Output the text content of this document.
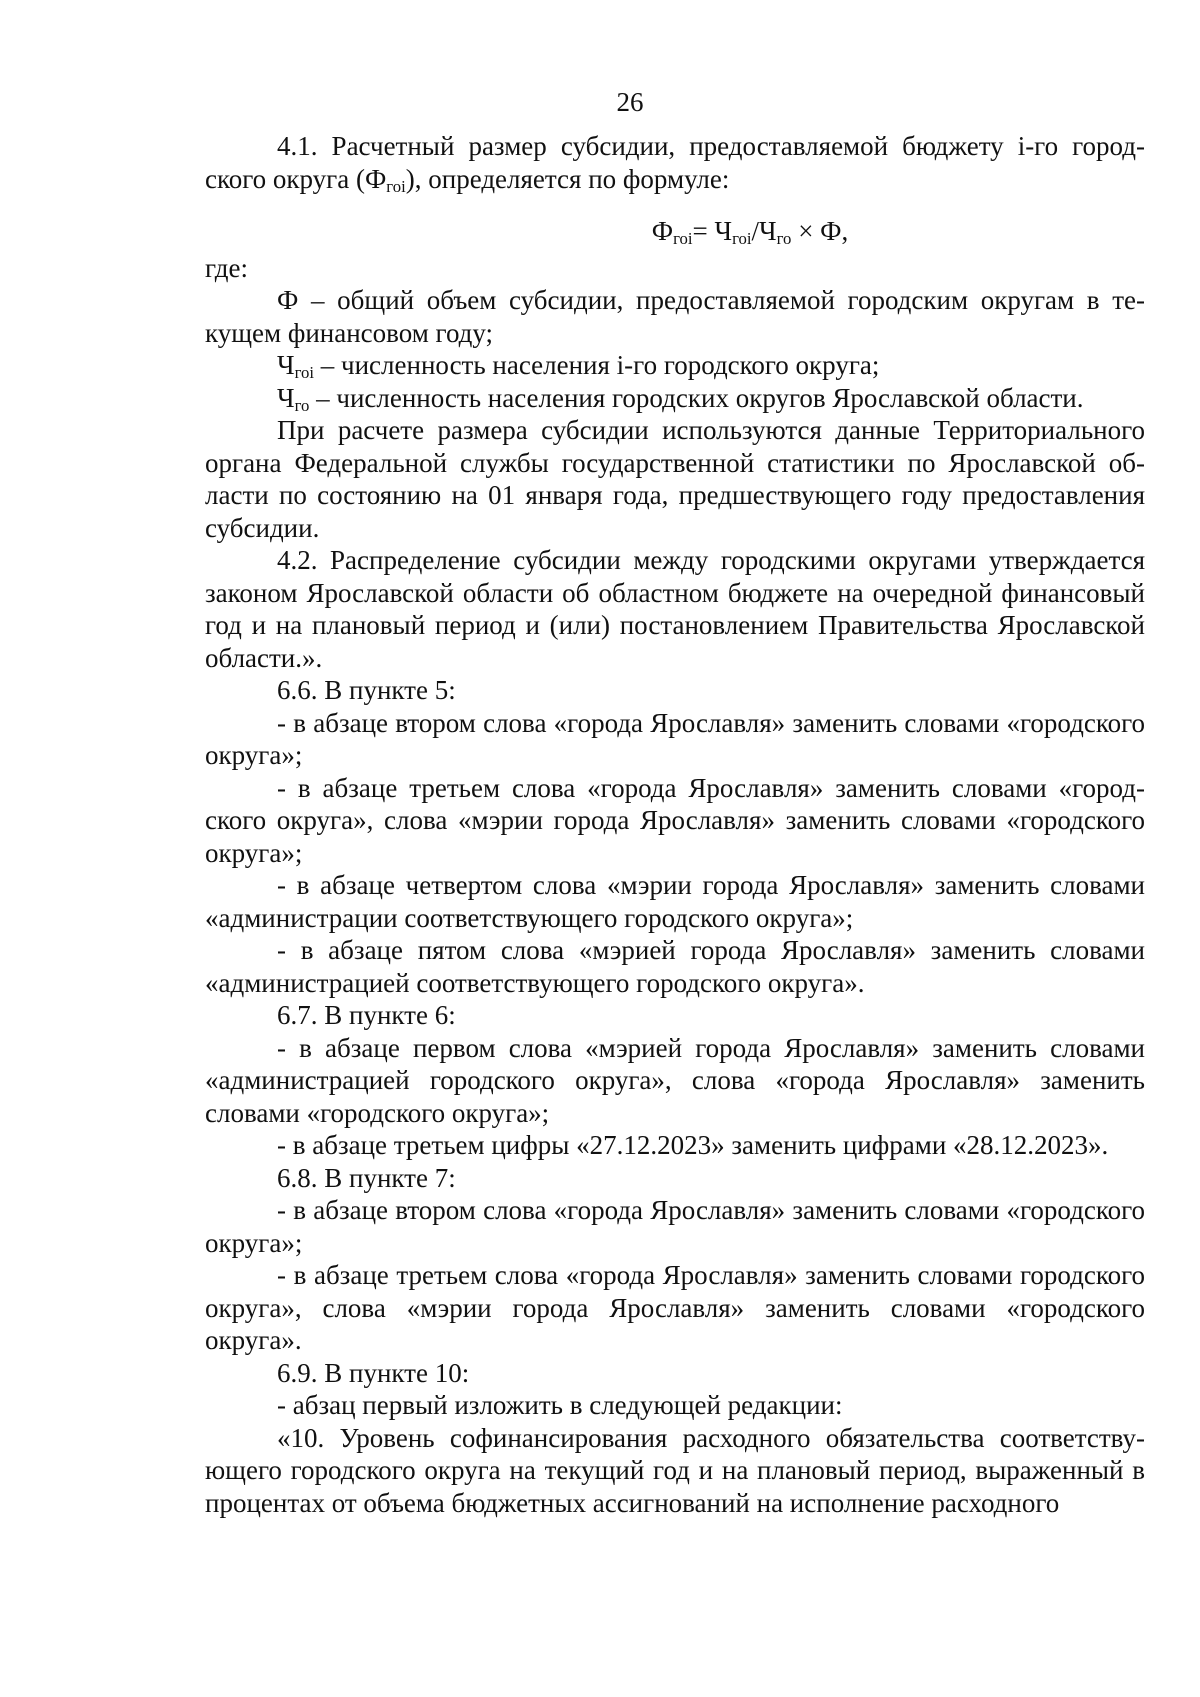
26

4.1. Расчетный размер субсидии, предоставляемой бюджету i-го городского округа $(Ф_{гоi})$, определяется по формуле:

$Ф_{гоi}= Ч_{гоi}/Ч_{го} \times Ф$,

где:

Ф – общий объем субсидии, предоставляемой городским округам в текущем финансовом году;

$Ч_{гоi}$ – численность населения i-го городского округа;

$Ч_{го}$ – численность населения городских округов Ярославской области.

При расчете размера субсидии используются данные Территориального органа Федеральной службы государственной статистики по Ярославской области по состоянию на 01 января года, предшествующего году предоставления субсидии.

4.2. Распределение субсидии между городскими округами утверждается законом Ярославской области об областном бюджете на очередной финансовый год и на плановый период и (или) постановлением Правительства Ярославской области.».

6.6. В пункте 5:

- в абзаце втором слова «города Ярославля» заменить словами «городского округа»;

- в абзаце третьем слова «города Ярославля» заменить словами «городского округа», слова «мэрии города Ярославля» заменить словами «городского округа»;

- в абзаце четвертом слова «мэрии города Ярославля» заменить словами «администрации соответствующего городского округа»;

- в абзаце пятом слова «мэрией города Ярославля» заменить словами «администрацией соответствующего городского округа».

6.7. В пункте 6:

- в абзаце первом слова «мэрией города Ярославля» заменить словами «администрацией городского округа», слова «города Ярославля» заменить словами «городского округа»;

- в абзаце третьем цифры «27.12.2023» заменить цифрами «28.12.2023».

6.8. В пункте 7:

- в абзаце втором слова «города Ярославля» заменить словами «городского округа»;

- в абзаце третьем слова «города Ярославля» заменить словами городского округа», слова «мэрии города Ярославля» заменить словами «городского округа».

6.9. В пункте 10:

- абзац первый изложить в следующей редакции:

«10. Уровень софинансирования расходного обязательства соответствующего городского округа на текущий год и на плановый период, выраженный в процентах от объема бюджетных ассигнований на исполнение расходного
